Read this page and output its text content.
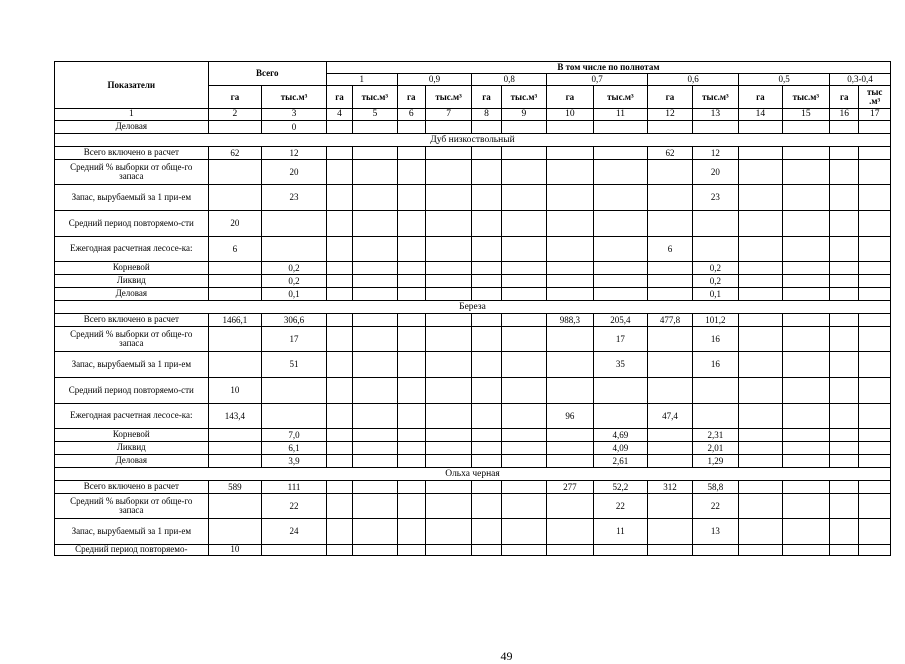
Показатели	Всего		В том числе по полнотам													
			1		0,9		0,8		0,7		0,6		0,5		0,3-0,4	
	га	тыс.м³	га	тыс.м³	га	тыс.м³	га	тыс.м³	га	тыс.м³	га	тыс.м³	га	тыс.м³	га	тыс .м³
1	2	3	4	5	6	7	8	9	10	11	12	13	14	15	16	17
Деловая		0														
Дуб низкоствольный																
Всего включено в расчет	62	12									62	12				
Средний % выборки от обще-го запаса		20										20				
Запас, вырубаемый за 1 при-ем		23										23				
Средний период повторяемо-сти	20															
Ежегодная расчетная лесосе-ка:	6										6					
Корневой		0,2										0,2				
Ликвид		0,2										0,2				
Деловая		0,1										0,1				
Береза																
Всего включено в расчет	1466,1	306,6							988,3	205,4	477,8	101,2				
Средний % выборки от обще-го запаса		17								17		16				
Запас, вырубаемый за 1 при-ем		51								35		16				
Средний период повторяемо-сти	10															
Ежегодная расчетная лесосе-ка:	143,4								96		47,4					
Корневой		7,0								4,69		2,31				
Ликвид		6,1								4,09		2,01				
Деловая		3,9								2,61		1,29				
Ольха черная																
Всего включено в расчет	589	111							277	52,2	312	58,8				
Средний % выборки от обще-го запаса		22								22		22				
Запас, вырубаемый за 1 при-ем		24								11		13				
Средний период повторяемо-	10															
49
